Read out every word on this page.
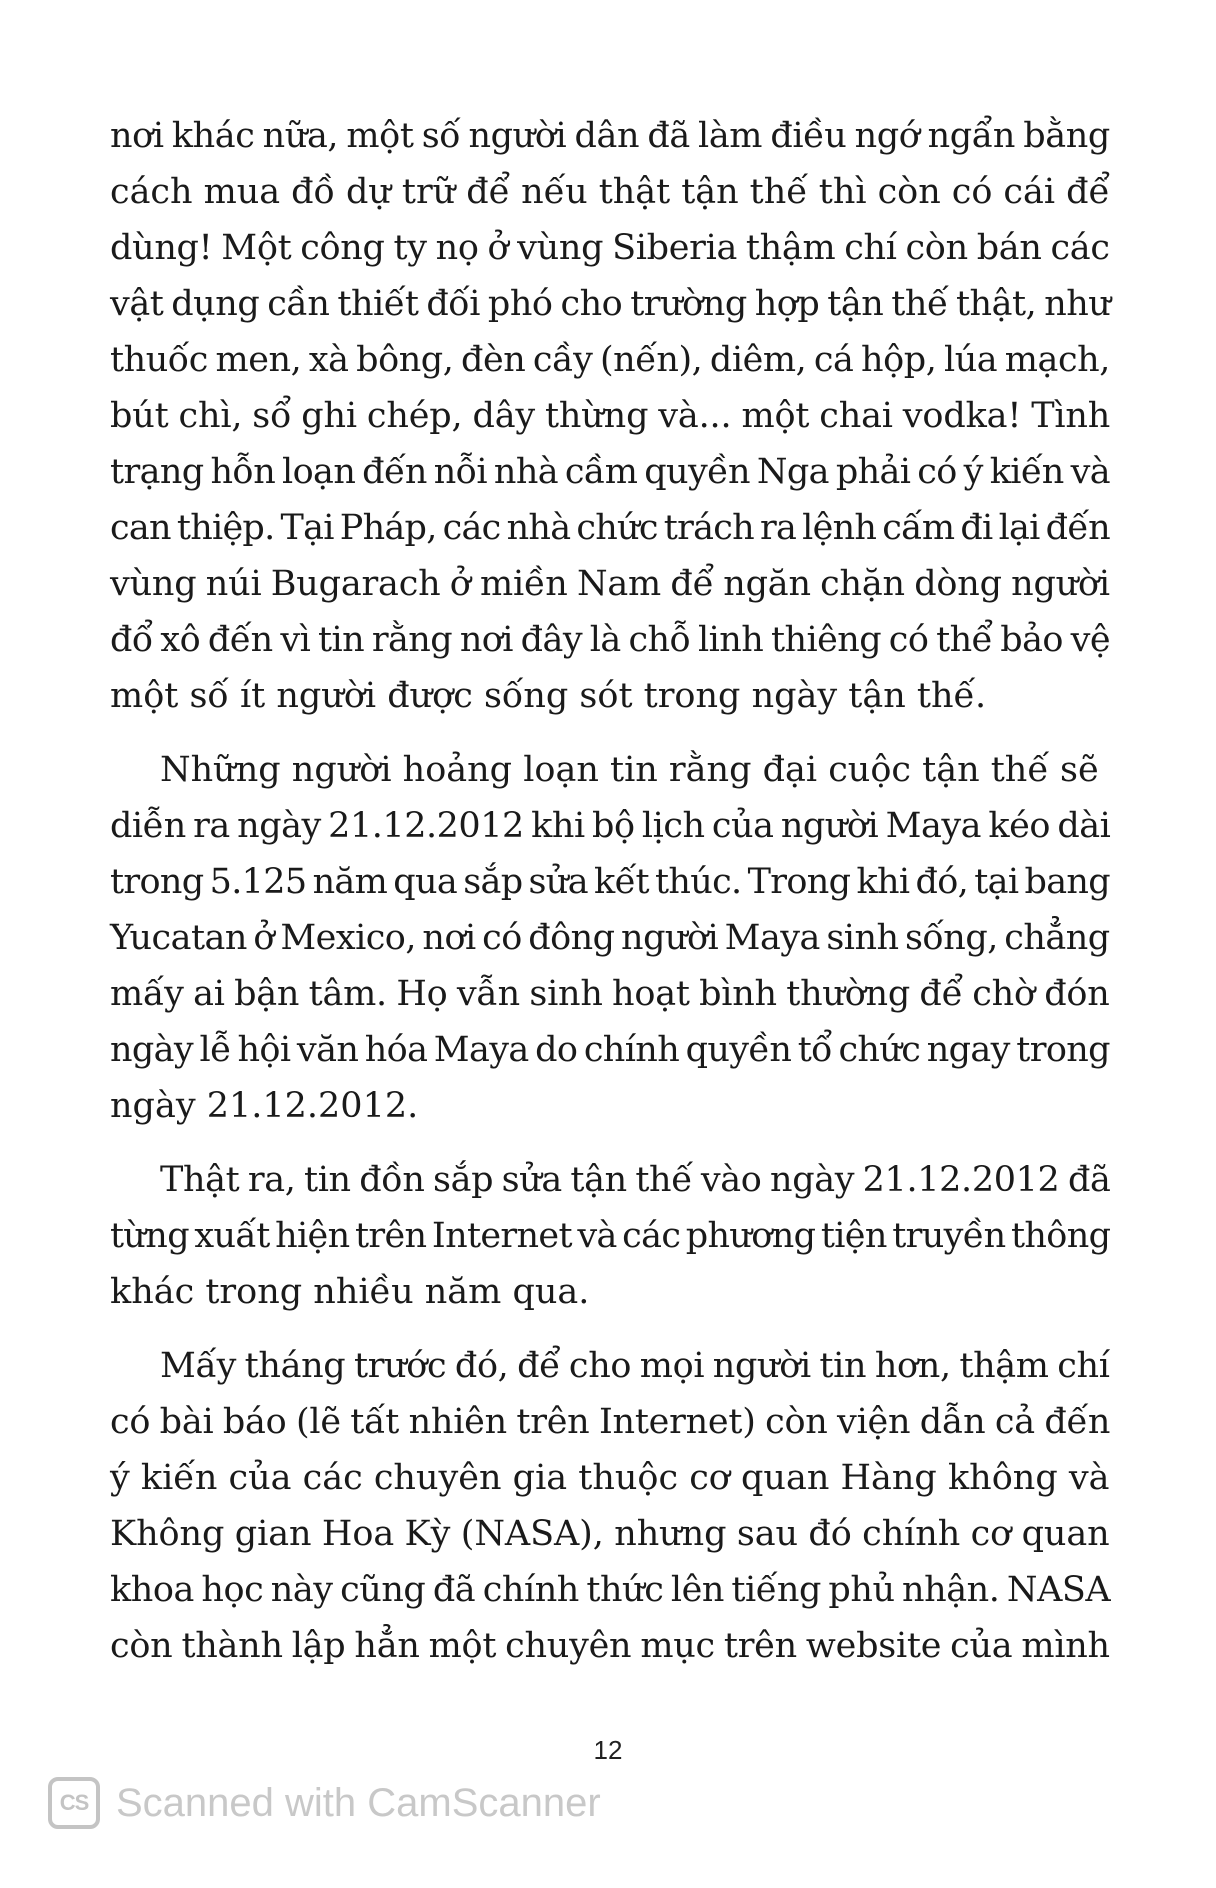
nơi khác nữa, một số người dân đã làm điều ngớ ngẩn bằng
cách mua đồ dự trữ để nếu thật tận thế thì còn có cái để
dùng! Một công ty nọ ở vùng Siberia thậm chí còn bán các
vật dụng cần thiết đối phó cho trường hợp tận thế thật, như
thuốc men, xà bông, đèn cầy (nến), diêm, cá hộp, lúa mạch,
bút chì, sổ ghi chép, dây thừng và... một chai vodka! Tình
trạng hỗn loạn đến nỗi nhà cầm quyền Nga phải có ý kiến và
can thiệp. Tại Pháp, các nhà chức trách ra lệnh cấm đi lại đến
vùng núi Bugarach ở miền Nam để ngăn chặn dòng người
đổ xô đến vì tin rằng nơi đây là chỗ linh thiêng có thể bảo vệ
một số ít người được sống sót trong ngày tận thế.
Những người hoảng loạn tin rằng đại cuộc tận thế sẽ
diễn ra ngày 21.12.2012 khi bộ lịch của người Maya kéo dài
trong 5.125 năm qua sắp sửa kết thúc. Trong khi đó, tại bang
Yucatan ở Mexico, nơi có đông người Maya sinh sống, chẳng
mấy ai bận tâm. Họ vẫn sinh hoạt bình thường để chờ đón
ngày lễ hội văn hóa Maya do chính quyền tổ chức ngay trong
ngày 21.12.2012.
Thật ra, tin đồn sắp sửa tận thế vào ngày 21.12.2012 đã
từng xuất hiện trên Internet và các phương tiện truyền thông
khác trong nhiều năm qua.
Mấy tháng trước đó, để cho mọi người tin hơn, thậm chí
có bài báo (lẽ tất nhiên trên Internet) còn viện dẫn cả đến
ý kiến của các chuyên gia thuộc cơ quan Hàng không và
Không gian Hoa Kỳ (NASA), nhưng sau đó chính cơ quan
khoa học này cũng đã chính thức lên tiếng phủ nhận. NASA
còn thành lập hẳn một chuyên mục trên website của mình
12
CS Scanned with CamScanner
